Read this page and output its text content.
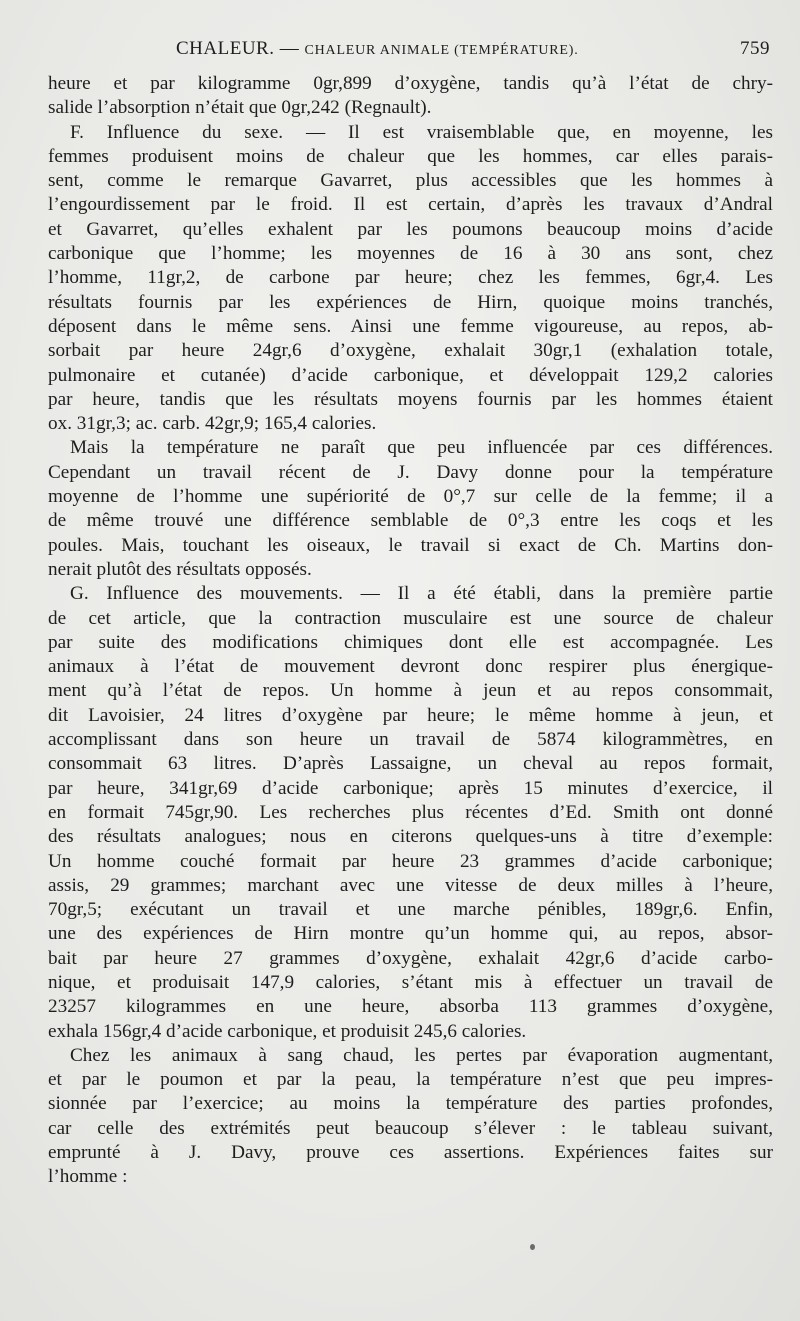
CHALEUR. — CHALEUR ANIMALE (TEMPÉRATURE).	759
heure et par kilogramme 0gr,899 d’oxygène, tandis qu’à l’état de chry-
salide l’absorption n’était que 0gr,242 (Regnault).
F. Influence du sexe. — Il est vraisemblable que, en moyenne, les
femmes produisent moins de chaleur que les hommes, car elles parais-
sent, comme le remarque Gavarret, plus accessibles que les hommes à
l’engourdissement par le froid. Il est certain, d’après les travaux d’Andral
et Gavarret, qu’elles exhalent par les poumons beaucoup moins d’acide
carbonique que l’homme; les moyennes de 16 à 30 ans sont, chez
l’homme, 11gr,2, de carbone par heure; chez les femmes, 6gr,4. Les
résultats fournis par les expériences de Hirn, quoique moins tranchés,
déposent dans le même sens. Ainsi une femme vigoureuse, au repos, ab-
sorbait par heure 24gr,6 d’oxygène, exhalait 30gr,1 (exhalation totale,
pulmonaire et cutanée) d’acide carbonique, et développait 129,2 calories
par heure, tandis que les résultats moyens fournis par les hommes étaient
ox. 31gr,3; ac. carb. 42gr,9; 165,4 calories.
Mais la température ne paraît que peu influencée par ces différences.
Cependant un travail récent de J. Davy donne pour la température
moyenne de l’homme une supériorité de 0°,7 sur celle de la femme; il a
de même trouvé une différence semblable de 0°,3 entre les coqs et les
poules. Mais, touchant les oiseaux, le travail si exact de Ch. Martins don-
nerait plutôt des résultats opposés.
G. Influence des mouvements. — Il a été établi, dans la première partie
de cet article, que la contraction musculaire est une source de chaleur
par suite des modifications chimiques dont elle est accompagnée. Les
animaux à l’état de mouvement devront donc respirer plus énergique-
ment qu’à l’état de repos. Un homme à jeun et au repos consommait,
dit Lavoisier, 24 litres d’oxygène par heure; le même homme à jeun, et
accomplissant dans son heure un travail de 5874 kilogrammètres, en
consommait 63 litres. D’après Lassaigne, un cheval au repos formait,
par heure, 341gr,69 d’acide carbonique; après 15 minutes d’exercice, il
en formait 745gr,90. Les recherches plus récentes d’Ed. Smith ont donné
des résultats analogues; nous en citerons quelques-uns à titre d’exemple:
Un homme couché formait par heure 23 grammes d’acide carbonique;
assis, 29 grammes; marchant avec une vitesse de deux milles à l’heure,
70gr,5; exécutant un travail et une marche pénibles, 189gr,6. Enfin,
une des expériences de Hirn montre qu’un homme qui, au repos, absor-
bait par heure 27 grammes d’oxygène, exhalait 42gr,6 d’acide carbo-
nique, et produisait 147,9 calories, s’étant mis à effectuer un travail de
23257 kilogrammes en une heure, absorba 113 grammes d’oxygène,
exhala 156gr,4 d’acide carbonique, et produisit 245,6 calories.
Chez les animaux à sang chaud, les pertes par évaporation augmentant,
et par le poumon et par la peau, la température n’est que peu impres-
sionnée par l’exercice; au moins la température des parties profondes,
car celle des extrémités peut beaucoup s’élever : le tableau suivant,
emprunté à J. Davy, prouve ces assertions. Expériences faites sur
l’homme :
